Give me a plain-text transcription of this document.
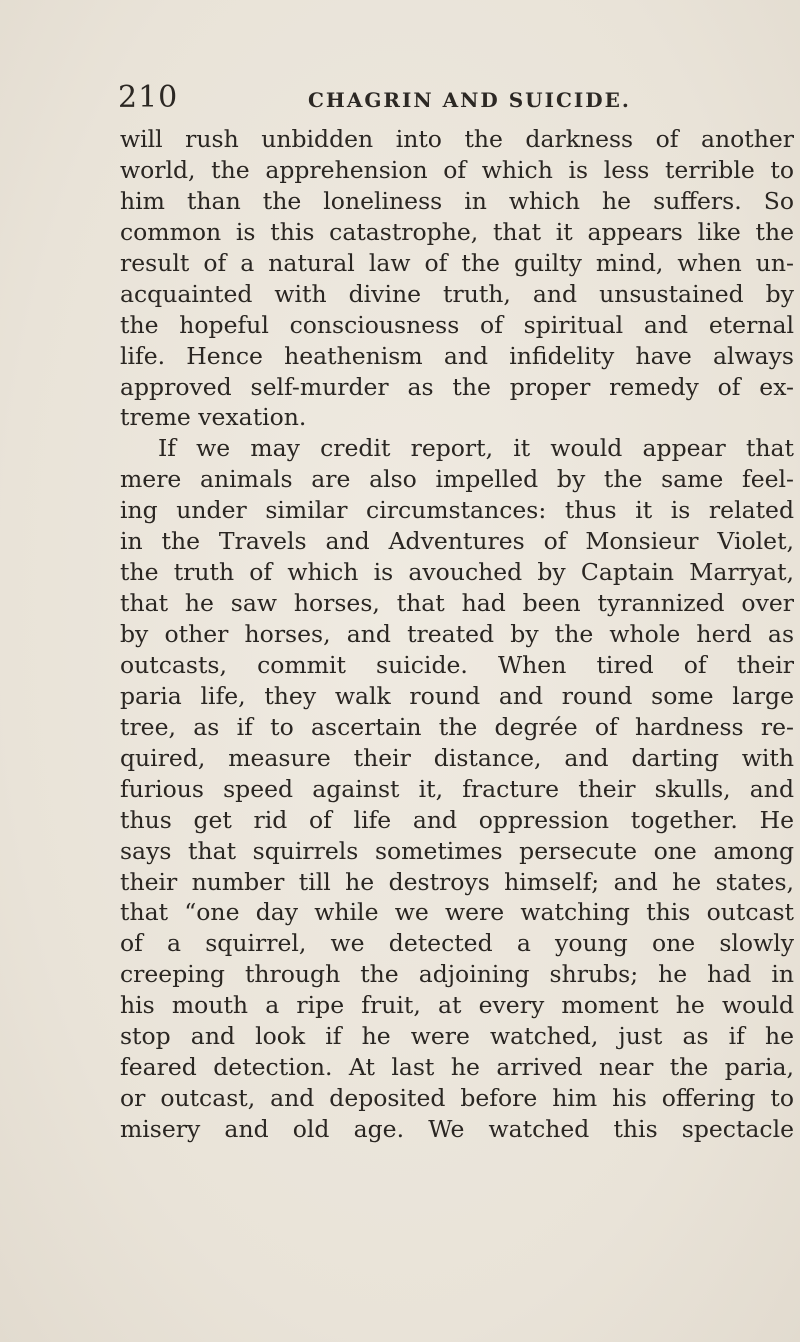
210	CHAGRIN AND SUICIDE.
will rush unbidden into the darkness of another
world, the apprehension of which is less terrible to
him than the loneliness in which he suffers. So
common is this catastrophe, that it appears like the
result of a natural law of the guilty mind, when un-
acquainted with divine truth, and unsustained by
the hopeful consciousness of spiritual and eternal
life. Hence heathenism and infidelity have always
approved self-murder as the proper remedy of ex-
treme vexation.
If we may credit report, it would appear that
mere animals are also impelled by the same feel-
ing under similar circumstances: thus it is related
in the Travels and Adventures of Monsieur Violet,
the truth of which is avouched by Captain Marryat,
that he saw horses, that had been tyrannized over
by other horses, and treated by the whole herd as
outcasts, commit suicide. When tired of their
paria life, they walk round and round some large
tree, as if to ascertain the degrée of hardness re-
quired, measure their distance, and darting with
furious speed against it, fracture their skulls, and
thus get rid of life and oppression together. He
says that squirrels sometimes persecute one among
their number till he destroys himself; and he states,
that “one day while we were watching this outcast
of a squirrel, we detected a young one slowly
creeping through the adjoining shrubs; he had in
his mouth a ripe fruit, at every moment he would
stop and look if he were watched, just as if he
feared detection. At last he arrived near the paria,
or outcast, and deposited before him his offering to
misery and old age. We watched this spectacle
